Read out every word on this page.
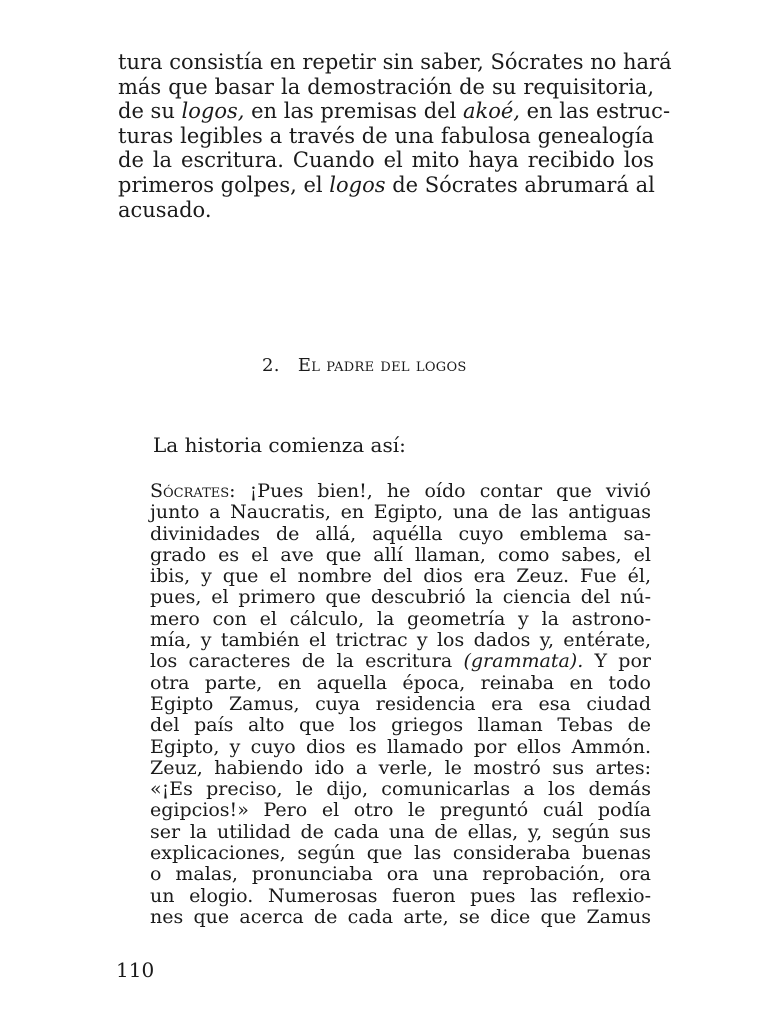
tura consistía en repetir sin saber, Sócrates no hará
más que basar la demostración de su requisitoria,
de su logos, en las premisas del akoé, en las estruc-
turas legibles a través de una fabulosa genealogía
de la escritura. Cuando el mito haya recibido los
primeros golpes, el logos de Sócrates abrumará al
acusado.
2. El padre del logos

La historia comienza así:

Sócrates: ¡Pues bien!, he oído contar que vivió
junto a Naucratis, en Egipto, una de las antiguas
divinidades de allá, aquélla cuyo emblema sa-
grado es el ave que allí llaman, como sabes, el
ibis, y que el nombre del dios era Zeuz. Fue él,
pues, el primero que descubrió la ciencia del nú-
mero con el cálculo, la geometría y la astrono-
mía, y también el trictrac y los dados y, entérate,
los caracteres de la escritura (grammata). Y por
otra parte, en aquella época, reinaba en todo
Egipto Zamus, cuya residencia era esa ciudad
del país alto que los griegos llaman Tebas de
Egipto, y cuyo dios es llamado por ellos Ammón.
Zeuz, habiendo ido a verle, le mostró sus artes:
«¡Es preciso, le dijo, comunicarlas a los demás
egipcios!» Pero el otro le preguntó cuál podía
ser la utilidad de cada una de ellas, y, según sus
explicaciones, según que las consideraba buenas
o malas, pronunciaba ora una reprobación, ora
un elogio. Numerosas fueron pues las reflexio-
nes que acerca de cada arte, se dice que Zamus

110
